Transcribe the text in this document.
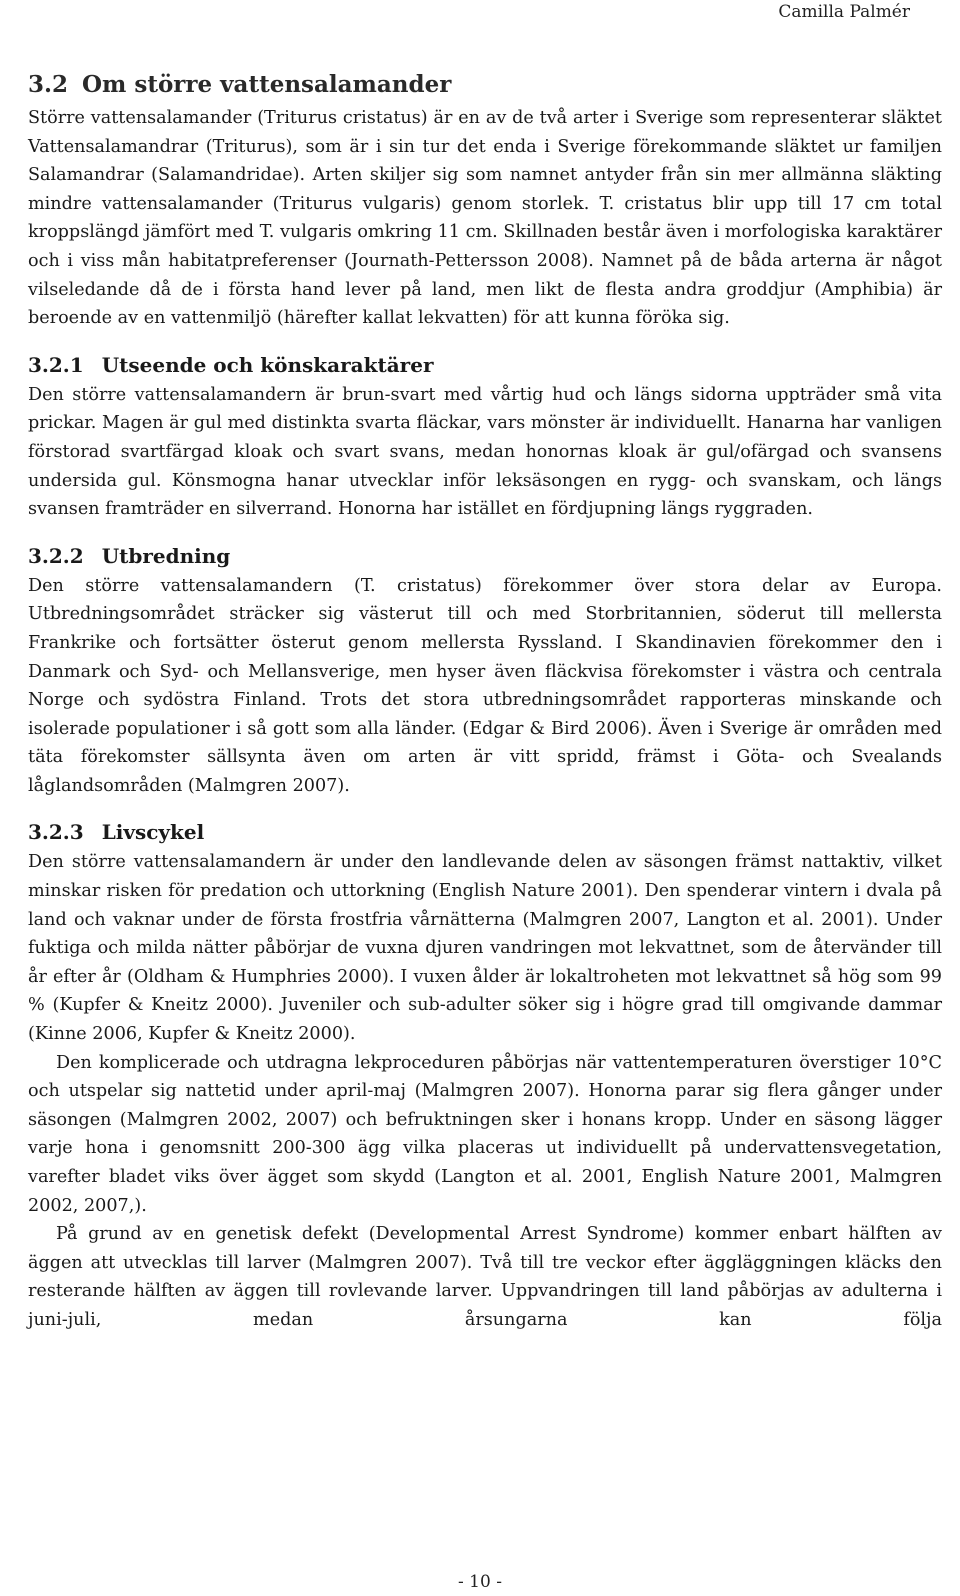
Camilla Palmér
3.2 Om större vattensalamander

Större vattensalamander (Triturus cristatus) är en av de två arter i Sverige som representerar släktet Vattensalamandrar (Triturus), som är i sin tur det enda i Sverige förekommande släktet ur familjen Salamandrar (Salamandridae). Arten skiljer sig som namnet antyder från sin mer allmänna släkting mindre vattensalamander (Triturus vulgaris) genom storlek. T. cristatus blir upp till 17 cm total kroppslängd jämfört med T. vulgaris omkring 11 cm. Skillnaden består även i morfologiska karaktärer och i viss mån habitatpreferenser (Journath-Pettersson 2008). Namnet på de båda arterna är något vilseledande då de i första hand lever på land, men likt de flesta andra groddjur (Amphibia) är beroende av en vattenmiljö (härefter kallat lekvatten) för att kunna föröka sig.

3.2.1 Utseende och könskaraktärer

Den större vattensalamandern är brun-svart med vårtig hud och längs sidorna uppträder små vita prickar. Magen är gul med distinkta svarta fläckar, vars mönster är individuellt. Hanarna har vanligen förstorad svartfärgad kloak och svart svans, medan honornas kloak är gul/ofärgad och svansens undersida gul. Könsmogna hanar utvecklar inför leksäsongen en rygg- och svanskam, och längs svansen framträder en silverrand. Honorna har istället en fördjupning längs ryggraden.

3.2.2 Utbredning

Den större vattensalamandern (T. cristatus) förekommer över stora delar av Europa. Utbredningsområdet sträcker sig västerut till och med Storbritannien, söderut till mellersta Frankrike och fortsätter österut genom mellersta Ryssland. I Skandinavien förekommer den i Danmark och Syd- och Mellansverige, men hyser även fläckvisa förekomster i västra och centrala Norge och sydöstra Finland. Trots det stora utbredningsområdet rapporteras minskande och isolerade populationer i så gott som alla länder. (Edgar & Bird 2006). Även i Sverige är områden med täta förekomster sällsynta även om arten är vitt spridd, främst i Göta- och Svealands låglandsområden (Malmgren 2007).

3.2.3 Livscykel

Den större vattensalamandern är under den landlevande delen av säsongen främst nattaktiv, vilket minskar risken för predation och uttorkning (English Nature 2001). Den spenderar vintern i dvala på land och vaknar under de första frostfria vårnätterna (Malmgren 2007, Langton et al. 2001). Under fuktiga och milda nätter påbörjar de vuxna djuren vandringen mot lekvattnet, som de återvänder till år efter år (Oldham & Humphries 2000). I vuxen ålder är lokaltroheten mot lekvattnet så hög som 99 % (Kupfer & Kneitz 2000). Juveniler och sub-adulter söker sig i högre grad till omgivande dammar (Kinne 2006, Kupfer & Kneitz 2000).

Den komplicerade och utdragna lekproceduren påbörjas när vattentemperaturen överstiger 10°C och utspelar sig nattetid under april-maj (Malmgren 2007). Honorna parar sig flera gånger under säsongen (Malmgren 2002, 2007) och befruktningen sker i honans kropp. Under en säsong lägger varje hona i genomsnitt 200-300 ägg vilka placeras ut individuellt på undervattensvegetation, varefter bladet viks över ägget som skydd (Langton et al. 2001, English Nature 2001, Malmgren 2002, 2007,).

På grund av en genetisk defekt (Developmental Arrest Syndrome) kommer enbart hälften av äggen att utvecklas till larver (Malmgren 2007). Två till tre veckor efter äggläggningen kläcks den resterande hälften av äggen till rovlevande larver. Uppvandringen till land påbörjas av adulterna i juni-juli, medan årsungarna kan följa

- 10 -
